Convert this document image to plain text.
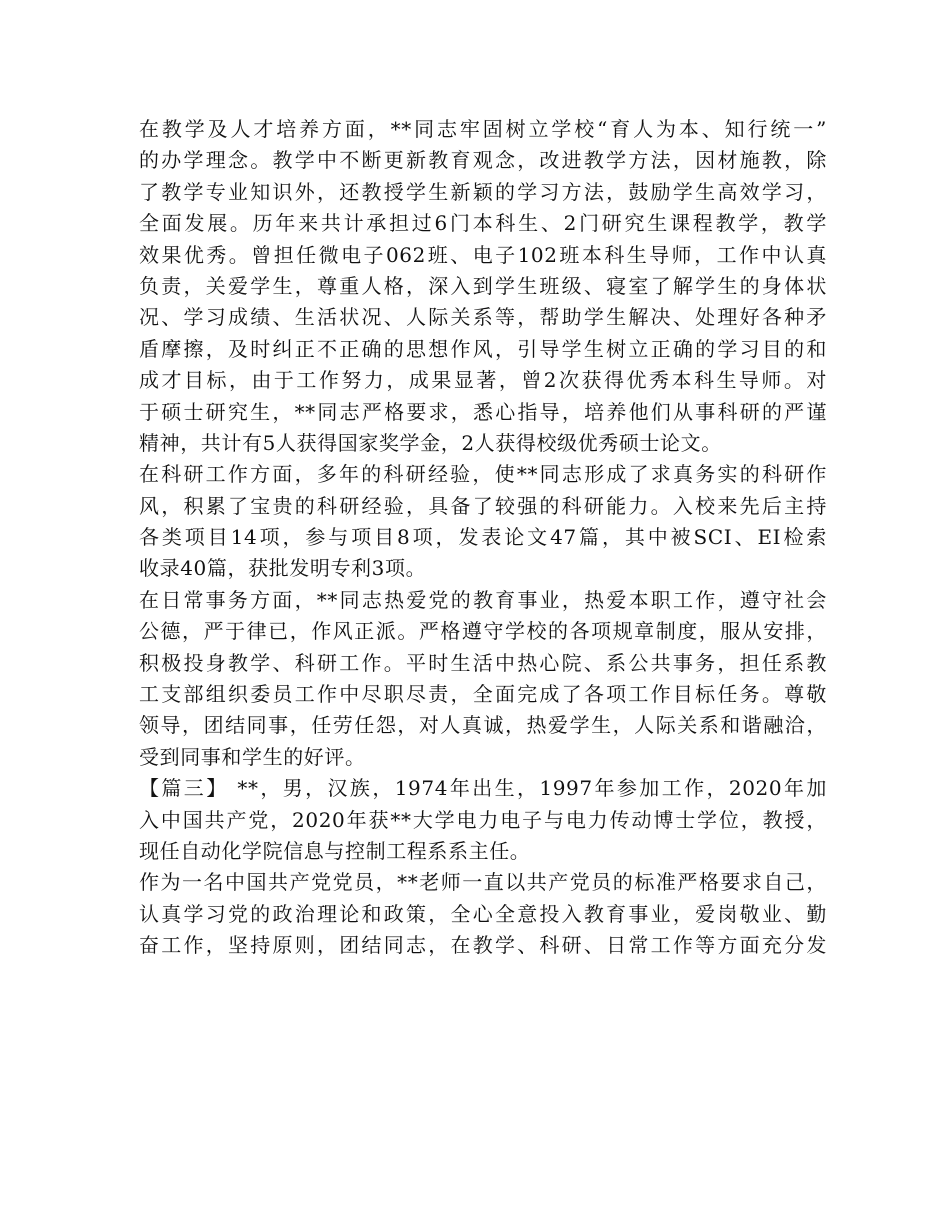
在教学及人才培养方面，**同志牢固树立学校“育人为本、知行统一”
的办学理念。教学中不断更新教育观念，改进教学方法，因材施教，除
了教学专业知识外，还教授学生新颖的学习方法，鼓励学生高效学习，
全面发展。历年来共计承担过6门本科生、2门研究生课程教学，教学
效果优秀。曾担任微电子062班、电子102班本科生导师，工作中认真
负责，关爱学生，尊重人格，深入到学生班级、寝室了解学生的身体状
况、学习成绩、生活状况、人际关系等，帮助学生解决、处理好各种矛
盾摩擦，及时纠正不正确的思想作风，引导学生树立正确的学习目的和
成才目标，由于工作努力，成果显著，曾2次获得优秀本科生导师。对
于硕士研究生，**同志严格要求，悉心指导，培养他们从事科研的严谨
精神，共计有5人获得国家奖学金，2人获得校级优秀硕士论文。
在科研工作方面，多年的科研经验，使**同志形成了求真务实的科研作
风，积累了宝贵的科研经验，具备了较强的科研能力。入校来先后主持
各类项目14项，参与项目8项，发表论文47篇，其中被SCI、EI检索
收录40篇，获批发明专利3项。
在日常事务方面，**同志热爱党的教育事业，热爱本职工作，遵守社会
公德，严于律已，作风正派。严格遵守学校的各项规章制度，服从安排，
积极投身教学、科研工作。平时生活中热心院、系公共事务，担任系教
工支部组织委员工作中尽职尽责，全面完成了各项工作目标任务。尊敬
领导，团结同事，任劳任怨，对人真诚，热爱学生，人际关系和谐融洽，
受到同事和学生的好评。
【篇三】 **，男，汉族，1974年出生，1997年参加工作，2020年加
入中国共产党，2020年获**大学电力电子与电力传动博士学位，教授，
现任自动化学院信息与控制工程系系主任。
作为一名中国共产党党员，**老师一直以共产党员的标准严格要求自己，
认真学习党的政治理论和政策，全心全意投入教育事业，爱岗敬业、勤
奋工作，坚持原则，团结同志，在教学、科研、日常工作等方面充分发
